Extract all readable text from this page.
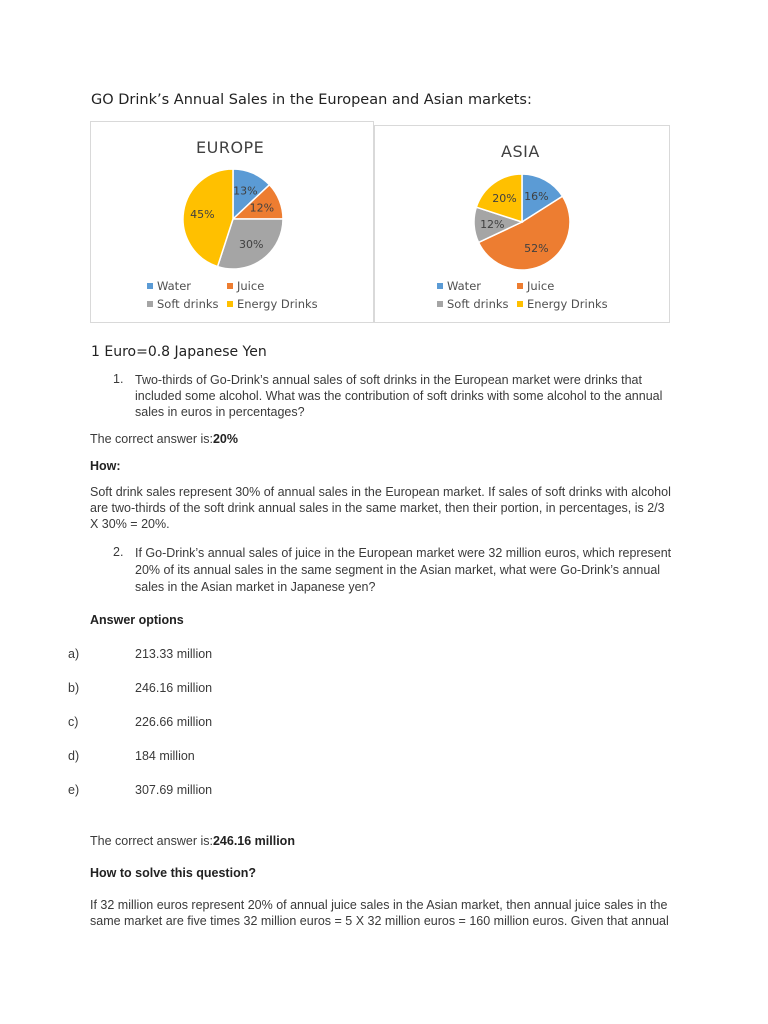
GO Drink’s Annual Sales in the European and Asian markets:
EUROPE
13%
12%
30%
45%
Water	Juice
Soft drinks Energy Drinks
ASIA
16%
52%
12%
20%
Water	Juice
Soft drinks Energy Drinks
1 Euro=0.8 Japanese Yen
1. Two-thirds of Go-Drink’s annual sales of soft drinks in the European market were drinks that
included some alcohol. What was the contribution of soft drinks with some alcohol to the annual
sales in euros in percentages?
The correct answer is:20%
How:
Soft drink sales represent 30% of annual sales in the European market. If sales of soft drinks with alcohol
are two-thirds of the soft drink annual sales in the same market, then their portion, in percentages, is 2/3
X 30% = 20%.
2. If Go-Drink’s annual sales of juice in the European market were 32 million euros, which represent
20% of its annual sales in the same segment in the Asian market, what were Go-Drink’s annual
sales in the Asian market in Japanese yen?
Answer options
a)	213.33 million
b)	246.16 million
c)	226.66 million
d)	184 million
e)	307.69 million
The correct answer is:246.16 million
How to solve this question?
If 32 million euros represent 20% of annual juice sales in the Asian market, then annual juice sales in the
same market are five times 32 million euros = 5 X 32 million euros = 160 million euros. Given that annual
